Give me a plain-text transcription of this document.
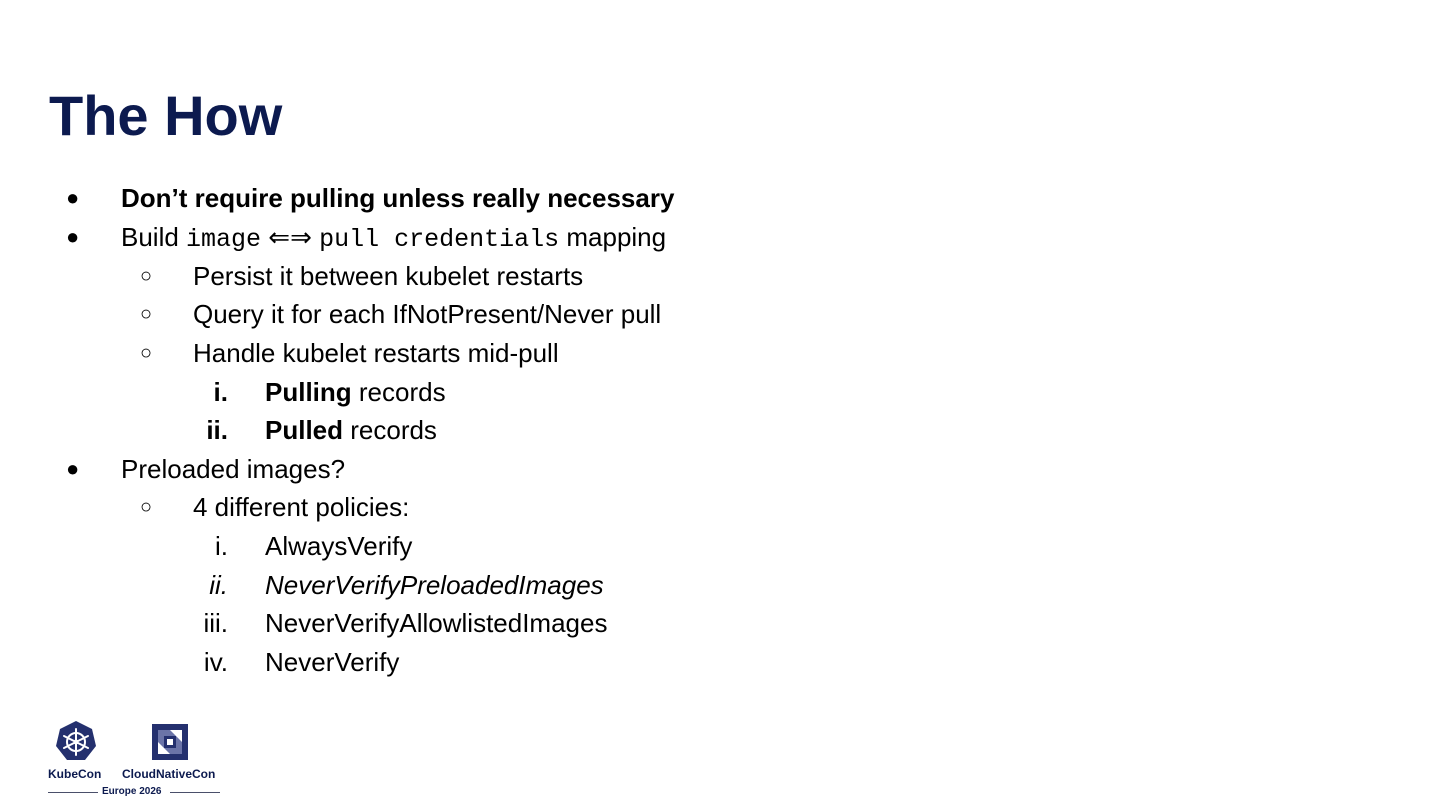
The How
● Don’t require pulling unless really necessary
● Build image ⇐⇒ pull credentials mapping
○	Persist it between kubelet restarts
○	Query it for each IfNotPresent/Never pull
○	Handle kubelet restarts mid-pull
i. Pulling records
ii. Pulled records
● Preloaded images?
○	4 different policies:
i. AlwaysVerify
ii. NeverVerifyPreloadedImages
iii. NeverVerifyAllowlistedImages
iv. NeverVerify
KubeCon CloudNativeCon
Europe 2026
